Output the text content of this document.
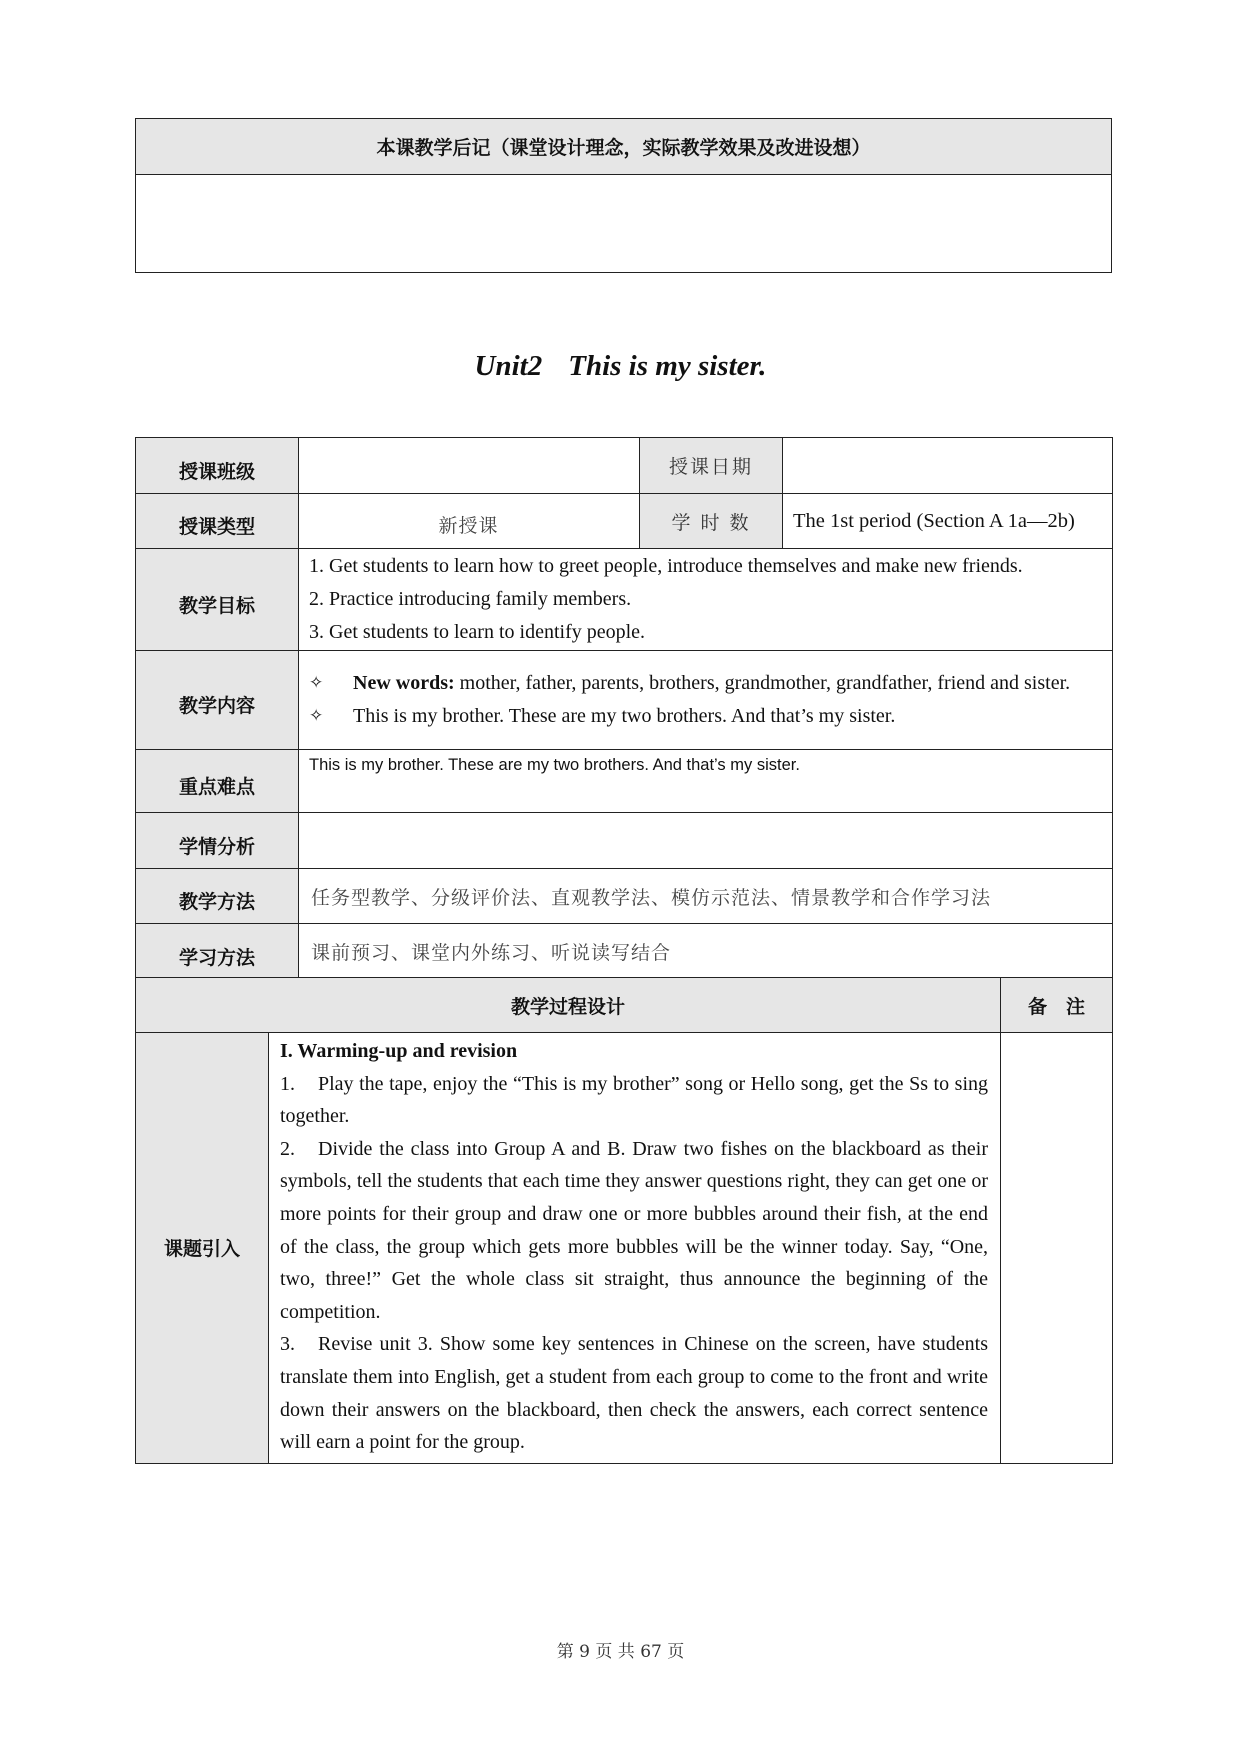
本课教学后记（课堂设计理念，实际教学效果及改进设想）

Unit2 This is my sister.
授课班级		授课日期	
授课类型	新授课	学 时 数	The 1st period (Section A 1a—2b)
教学目标	1. Get students to learn how to greet people, introduce themselves and make new friends.

2. Practice introducing family members.

3. Get students to learn to identify people.		

教学内容	✧ New words: mother, father, parents, brothers, grandmother, grandfather, friend and sister.
✧ This is my brother. These are my two brothers. And that’s my sister.		

重点难点	This is my brother. These are my two brothers. And that’s my sister.		
学情分析			
教学方法	任务型教学、分级评价法、直观教学法、模仿示范法、情景教学和合作学习法		
学习方法	课前预习、课堂内外练习、听说读写结合		
教学过程设计		备　注
课题引入	I. Warming-up and revision

1. Play the tape, enjoy the “This is my brother” song or Hello song, get the Ss to sing together.

2. Divide the class into Group A and B. Draw two fishes on the blackboard as their symbols, tell the students that each time they answer questions right, they can get one or more points for their group and draw one or more bubbles around their fish, at the end of the class, the group which gets more bubbles will be the winner today. Say, “One, two, three!” Get the whole class sit straight, thus announce the beginning of the competition.

3. Revise unit 3. Show some key sentences in Chinese on the screen, have students translate them into English, get a student from each group to come to the front and write down their answers on the blackboard, then check the answers, each correct sentence will earn a point for the group.	

第 9 页 共 67 页
